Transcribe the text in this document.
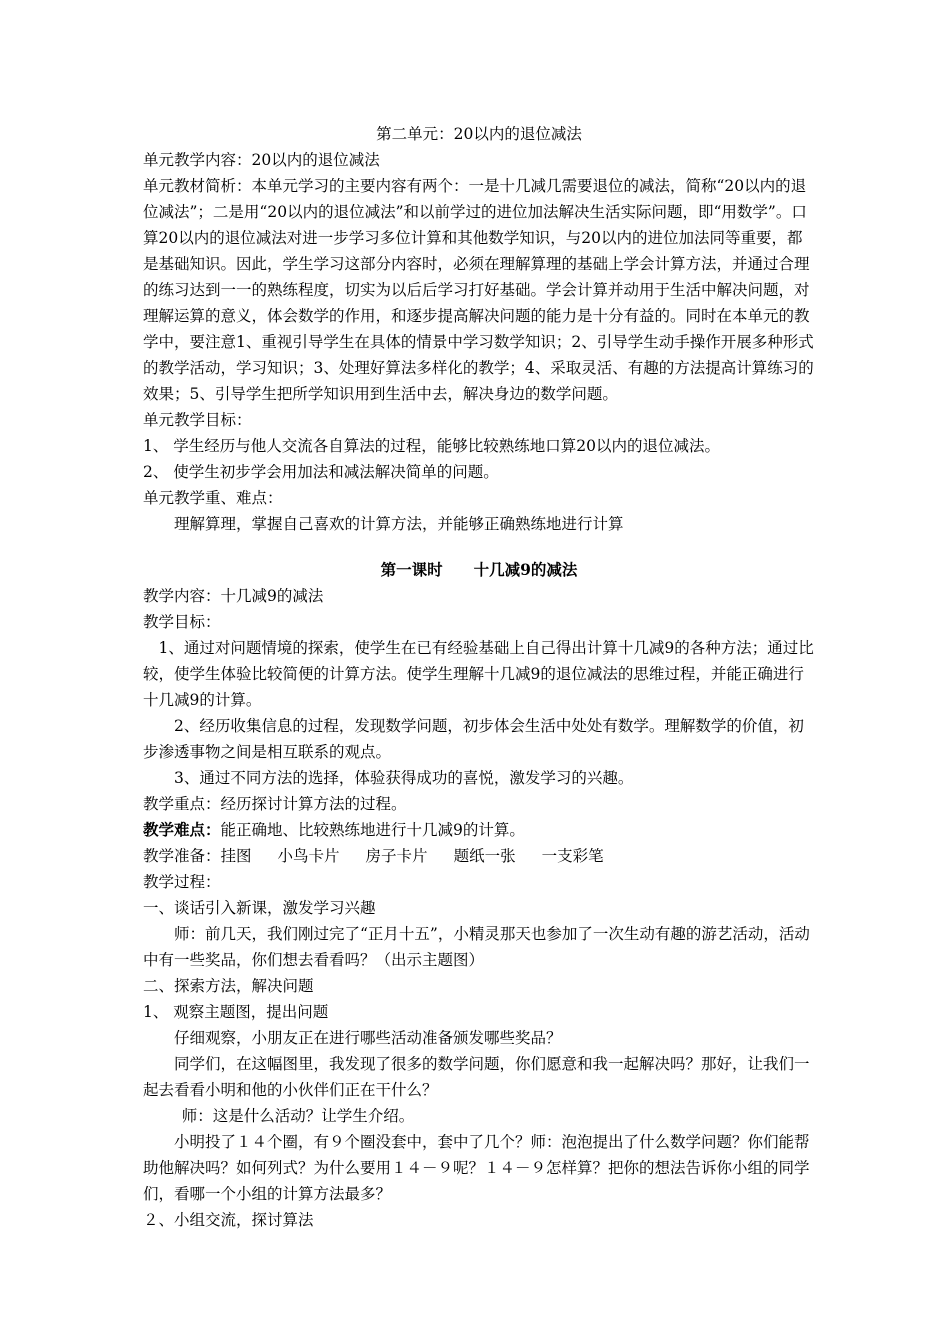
第二单元：20以内的退位减法

单元教学内容：20以内的退位减法

单元教材简析：本单元学习的主要内容有两个：一是十几减几需要退位的减法，简称“20以内的退位减法”；二是用“20以内的退位减法”和以前学过的进位加法解决生活实际问题，即“用数学”。口算20以内的退位减法对进一步学习多位计算和其他数学知识，与20以内的进位加法同等重要，都是基础知识。因此，学生学习这部分内容时，必须在理解算理的基础上学会计算方法，并通过合理的练习达到一一的熟练程度，切实为以后后学习打好基础。学会计算并动用于生活中解决问题，对理解运算的意义，体会数学的作用，和逐步提高解决问题的能力是十分有益的。同时在本单元的教学中，要注意1、重视引导学生在具体的情景中学习数学知识；2、引导学生动手操作开展多种形式的教学活动，学习知识；3、处理好算法多样化的教学；4、采取灵活、有趣的方法提高计算练习的效果；5、引导学生把所学知识用到生活中去，解决身边的数学问题。

单元教学目标：

1、 学生经历与他人交流各自算法的过程，能够比较熟练地口算20以内的退位减法。
2、 使学生初步学会用加法和减法解决简单的问题。

单元教学重、难点：

理解算理，掌握自己喜欢的计算方法，并能够正确熟练地进行计算

第一课时　　十几减9的减法

教学内容：十几减9的减法

教学目标：

1、通过对问题情境的探索，使学生在已有经验基础上自己得出计算十几减9的各种方法；通过比较，使学生体验比较简便的计算方法。使学生理解十几减9的退位减法的思维过程，并能正确进行十几减9的计算。

2、经历收集信息的过程，发现数学问题，初步体会生活中处处有数学。理解数学的价值，初步渗透事物之间是相互联系的观点。

3、通过不同方法的选择，体验获得成功的喜悦，激发学习的兴趣。

教学重点：经历探讨计算方法的过程。

教学难点：能正确地、比较熟练地进行十几减9的计算。

教学准备：挂图 小鸟卡片 房子卡片 题纸一张 一支彩笔

教学过程：

一、谈话引入新课，激发学习兴趣

师：前几天，我们刚过完了“正月十五”，小精灵那天也参加了一次生动有趣的游艺活动，活动中有一些奖品，你们想去看看吗？（出示主题图）

二、探索方法，解决问题

1、 观察主题图，提出问题

仔细观察，小朋友正在进行哪些活动准备颁发哪些奖品？

同学们，在这幅图里，我发现了很多的数学问题，你们愿意和我一起解决吗？那好，让我们一起去看看小明和他的小伙伴们正在干什么？

师：这是什么活动？让学生介绍。

小明投了１４个圈，有９个圈没套中，套中了几个？师：泡泡提出了什么数学问题？你们能帮助他解决吗？如何列式？为什么要用１４－９呢？１４－９怎样算？把你的想法告诉你小组的同学们，看哪一个小组的计算方法最多？

２、小组交流，探讨算法
